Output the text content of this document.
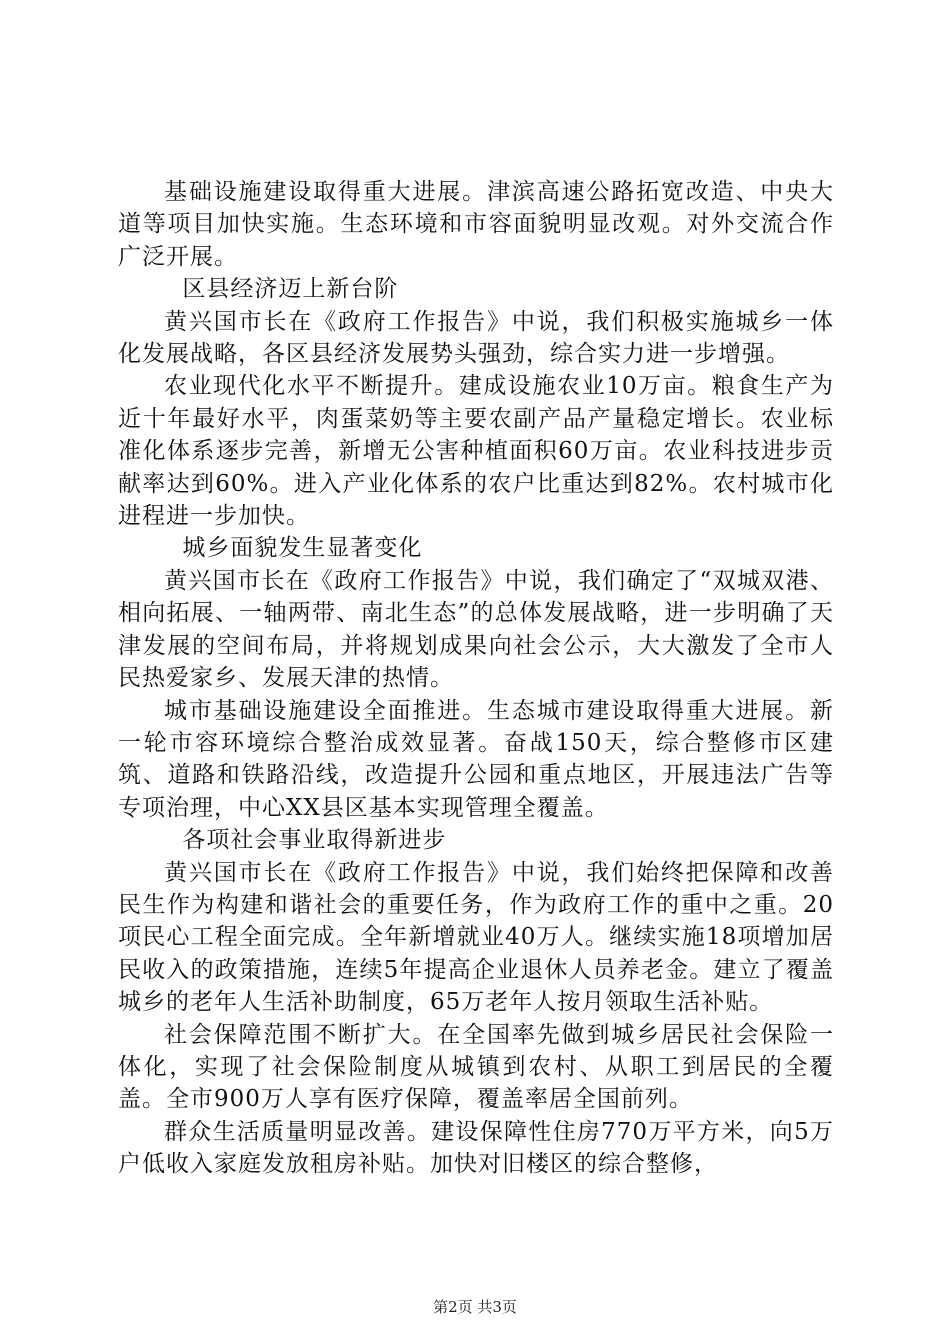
基础设施建设取得重大进展。津滨高速公路拓宽改造、中央大道等项目加快实施。生态环境和市容面貌明显改观。对外交流合作广泛开展。

区县经济迈上新台阶

黄兴国市长在《政府工作报告》中说，我们积极实施城乡一体化发展战略，各区县经济发展势头强劲，综合实力进一步增强。

农业现代化水平不断提升。建成设施农业10万亩。粮食生产为近十年最好水平，肉蛋菜奶等主要农副产品产量稳定增长。农业标准化体系逐步完善，新增无公害种植面积60万亩。农业科技进步贡献率达到60%。进入产业化体系的农户比重达到82%。农村城市化进程进一步加快。

城乡面貌发生显著变化

黄兴国市长在《政府工作报告》中说，我们确定了“双城双港、相向拓展、一轴两带、南北生态”的总体发展战略，进一步明确了天津发展的空间布局，并将规划成果向社会公示，大大激发了全市人民热爱家乡、发展天津的热情。

城市基础设施建设全面推进。生态城市建设取得重大进展。新一轮市容环境综合整治成效显著。奋战150天，综合整修市区建筑、道路和铁路沿线，改造提升公园和重点地区，开展违法广告等专项治理，中心XX县区基本实现管理全覆盖。

各项社会事业取得新进步

黄兴国市长在《政府工作报告》中说，我们始终把保障和改善民生作为构建和谐社会的重要任务，作为政府工作的重中之重。20项民心工程全面完成。全年新增就业40万人。继续实施18项增加居民收入的政策措施，连续5年提高企业退休人员养老金。建立了覆盖城乡的老年人生活补助制度，65万老年人按月领取生活补贴。

社会保障范围不断扩大。在全国率先做到城乡居民社会保险一体化，实现了社会保险制度从城镇到农村、从职工到居民的全覆盖。全市900万人享有医疗保障，覆盖率居全国前列。

群众生活质量明显改善。建设保障性住房770万平方米，向5万户低收入家庭发放租房补贴。加快对旧楼区的综合整修，

第2页 共3页
